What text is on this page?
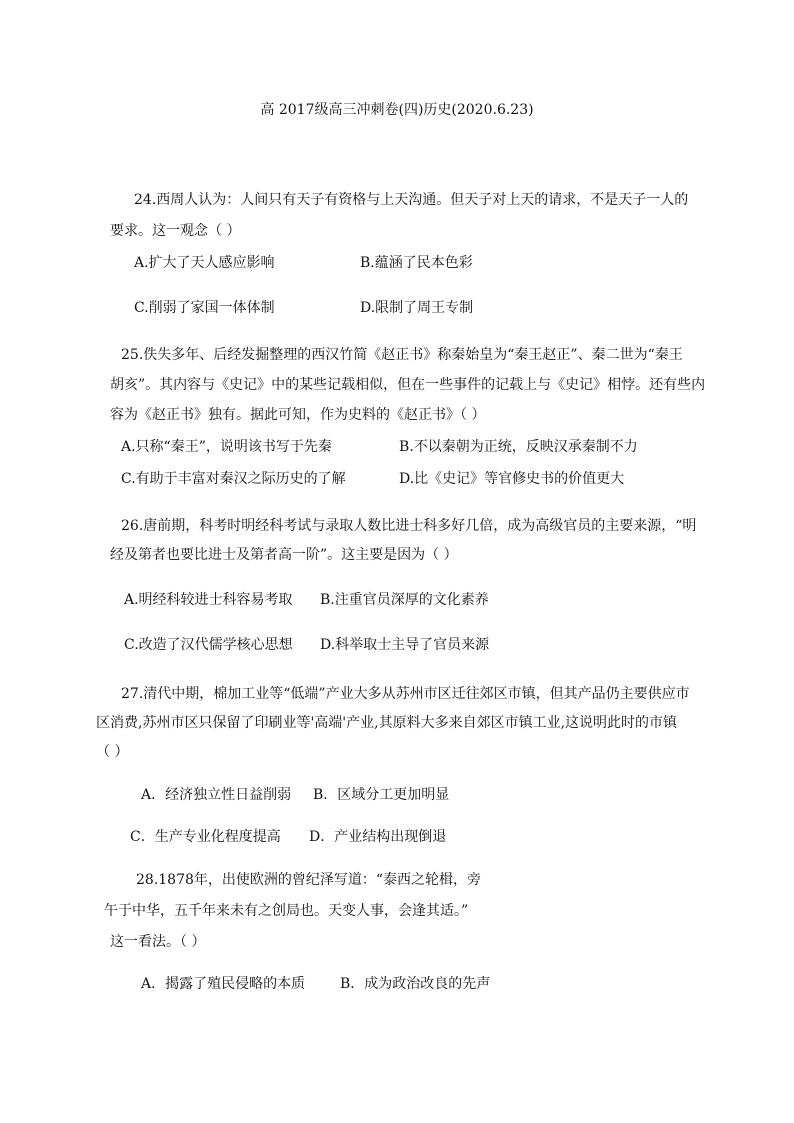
高 2017级高三冲刺卷(四)历史(2020.6.23)
24.西周人认为：人间只有天子有资格与上天沟通。但天子对上天的请求，不是天子一人的
要求。这一观念（ ）
A.扩大了天人感应影响	B.蕴涵了民本色彩
C.削弱了家国一体体制	D.限制了周王专制
25.佚失多年、后经发掘整理的西汉竹简《赵正书》称秦始皇为“秦王赵正”、秦二世为“秦王
胡亥”。其内容与《史记》中的某些记载相似，但在一些事件的记载上与《史记》相悖。还有些内
容为《赵正书》独有。据此可知，作为史料的《赵正书》（ ）
A.只称“秦王”，说明该书写于先秦	B.不以秦朝为正统，反映汉承秦制不力
C.有助于丰富对秦汉之际历史的了解	D.比《史记》等官修史书的价值更大
26.唐前期，科考时明经科考试与录取人数比进士科多好几倍，成为高级官员的主要来源，“明
经及第者也要比进士及第者高一阶”。这主要是因为（ ）
A.明经科较进士科容易考取 B.注重官员深厚的文化素养
C.改造了汉代儒学核心思想 D.科举取士主导了官员来源
27.清代中期，棉加工业等“低端”产业大多从苏州市区迁往郊区市镇，但其产品仍主要供应市
区消费,苏州市区只保留了印刷业等'高端'产业,其原料大多来自郊区市镇工业,这说明此时的市镇
（ ）
A．经济独立性日益削弱 B．区域分工更加明显
C．生产专业化程度提高 D．产业结构出现倒退
28.1878年，出使欧洲的曾纪泽写道：“泰西之轮楫，旁
午于中华，五千年来未有之创局也。天变人事，会逢其适。”
这一看法。（ ）
A．揭露了殖民侵略的本质 B．成为政治改良的先声
